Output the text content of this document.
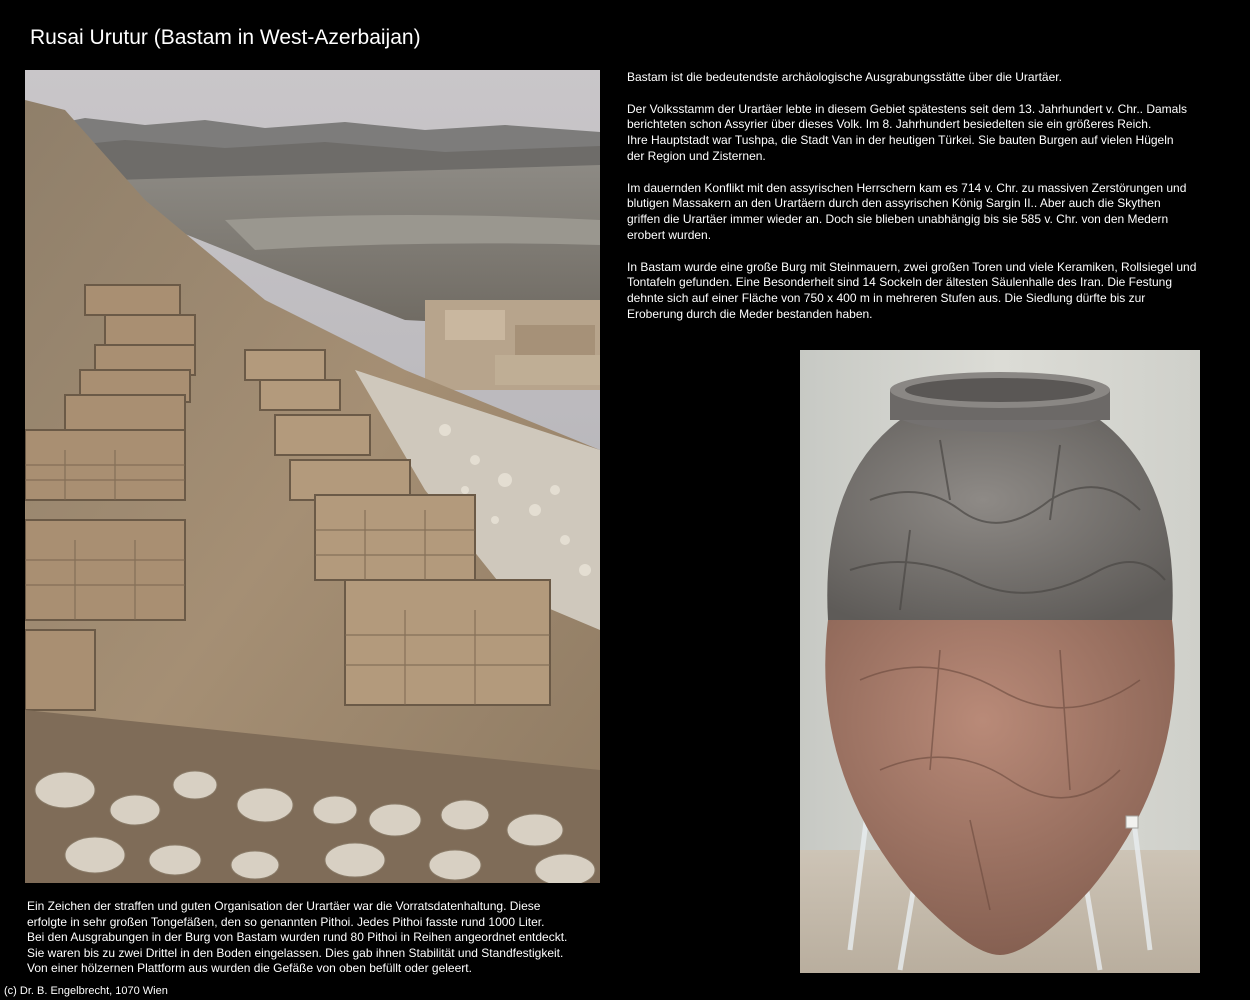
Rusai Urutur (Bastam in West-Azerbaijan)

Bastam ist die bedeutendste archäologische Ausgrabungsstätte über die Urartäer.

Der Volksstamm der Urartäer lebte in diesem Gebiet spätestens seit dem 13. Jahrhundert v. Chr.. Damals
berichteten schon Assyrier über dieses Volk. Im 8. Jahrhundert besiedelten sie ein größeres Reich.
Ihre Hauptstadt war Tushpa, die Stadt Van in der heutigen Türkei. Sie bauten Burgen auf vielen Hügeln
der Region und Zisternen.

Im dauernden Konflikt mit den assyrischen Herrschern kam es 714 v. Chr. zu massiven Zerstörungen und
blutigen Massakern an den Urartäern durch den assyrischen König Sargin II.. Aber auch die Skythen
griffen die Urartäer immer wieder an. Doch sie blieben unabhängig bis sie 585 v. Chr. von den Medern
erobert wurden.

In Bastam wurde eine große Burg mit Steinmauern, zwei großen Toren und viele Keramiken, Rollsiegel und
Tontafeln gefunden. Eine Besonderheit sind 14 Sockeln der ältesten Säulenhalle des Iran. Die Festung
dehnte sich auf einer Fläche von 750 x 400 m in mehreren Stufen aus. Die Siedlung dürfte bis zur
Eroberung durch die Meder bestanden haben.

Ein Zeichen der straffen und guten Organisation der Urartäer war die Vorratsdatenhaltung. Diese
erfolgte in sehr großen Tongefäßen, den so genannten Pithoi. Jedes Pithoi fasste rund 1000 Liter.
Bei den Ausgrabungen in der Burg von Bastam wurden rund 80 Pithoi in Reihen angeordnet entdeckt.
Sie waren bis zu zwei Drittel in den Boden eingelassen. Dies gab ihnen Stabilität und Standfestigkeit.
Von einer hölzernen Plattform aus wurden die Gefäße von oben befüllt oder geleert.
(c) Dr. B. Engelbrecht, 1070 Wien
